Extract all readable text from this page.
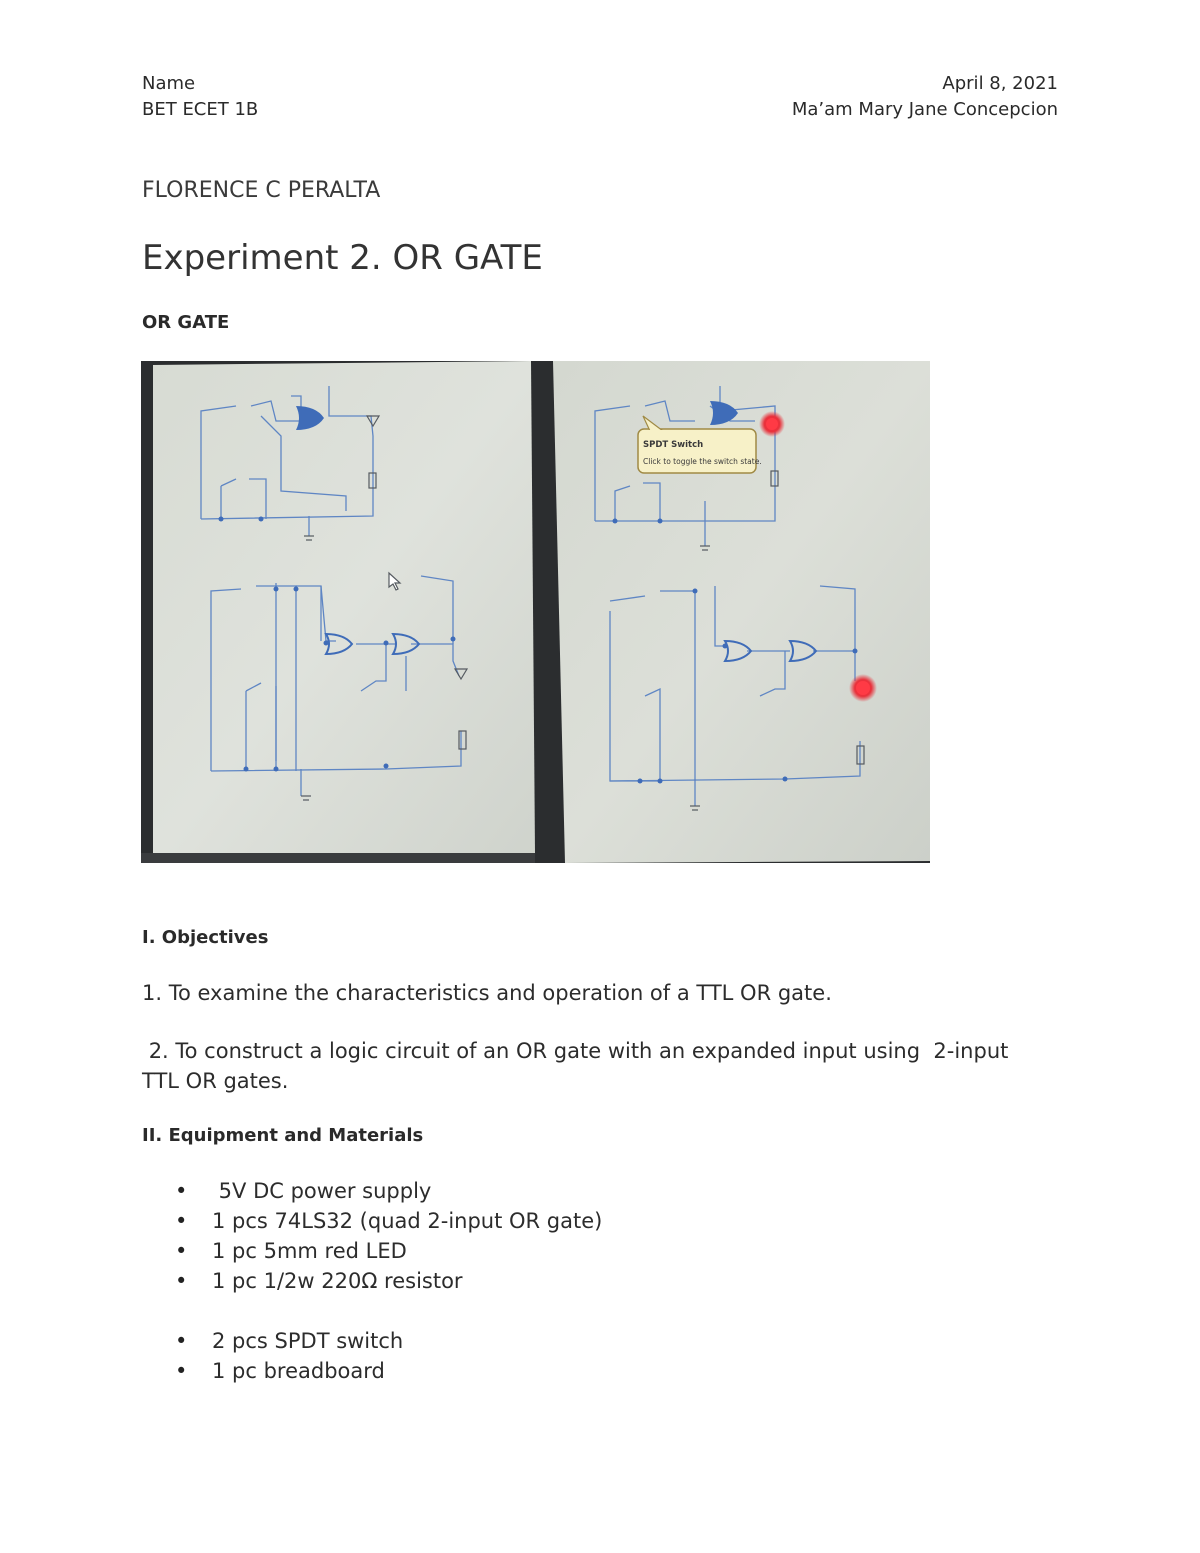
Name
BET ECET 1B
April 8, 2021
Ma’am Mary Jane Concepcion
FLORENCE C PERALTA
Experiment 2. OR GATE
OR GATE
SPDT Switch
Click to toggle the switch state.
I. Objectives
1. To examine the characteristics and operation of a TTL OR gate.
2. To construct a logic circuit of an OR gate with an expanded input using  2-input TTL OR gates.
II. Equipment and Materials
•  5V DC power supply
• 1 pcs 74LS32 (quad 2-input OR gate)
• 1 pc 5mm red LED
• 1 pc 1/2w 220Ω resistor
• 2 pcs SPDT switch
• 1 pc breadboard
